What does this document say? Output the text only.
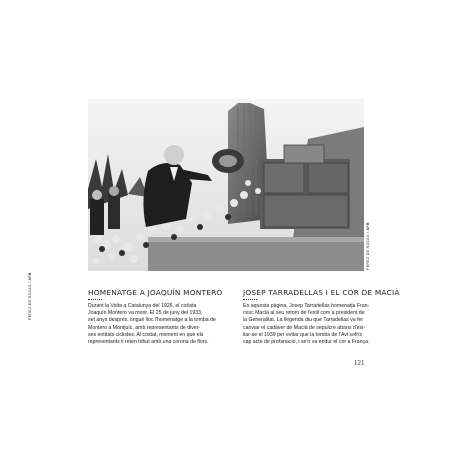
PÉREZ DE ROZAS / AFB
PÉREZ DE ROZAS / AFB
HOMENATGE A JOAQUÍN MONTERO

Durant la Volta a Catalunya del 1926, el ciclista
Joaquín Montero va morir. El 25 de juny del 1933,
set anys després, tingué lloc l'homenatge a la tomba de
Montero a Montjuïc, amb representants de diver-
ses entitats ciclistes. Al costat, moment en què els
representants li reten tribut amb una corona de flors.

JOSEP TARRADELLAS I EL COR DE MACIÀ

En aquesta pàgina, Josep Tarradellas homenatja Fran-
cesc Macià al seu retorn de l'exili com a president de
la Generalitat. La llegenda diu que Tarradellas va fer
canviar el cadàver de Macià de sepulcre abans d'exi-
liar-se el 1939 per evitar que la tomba de l'Avi sofrís
cap acte de profanació, i se'n va endur el cor a França.

121
